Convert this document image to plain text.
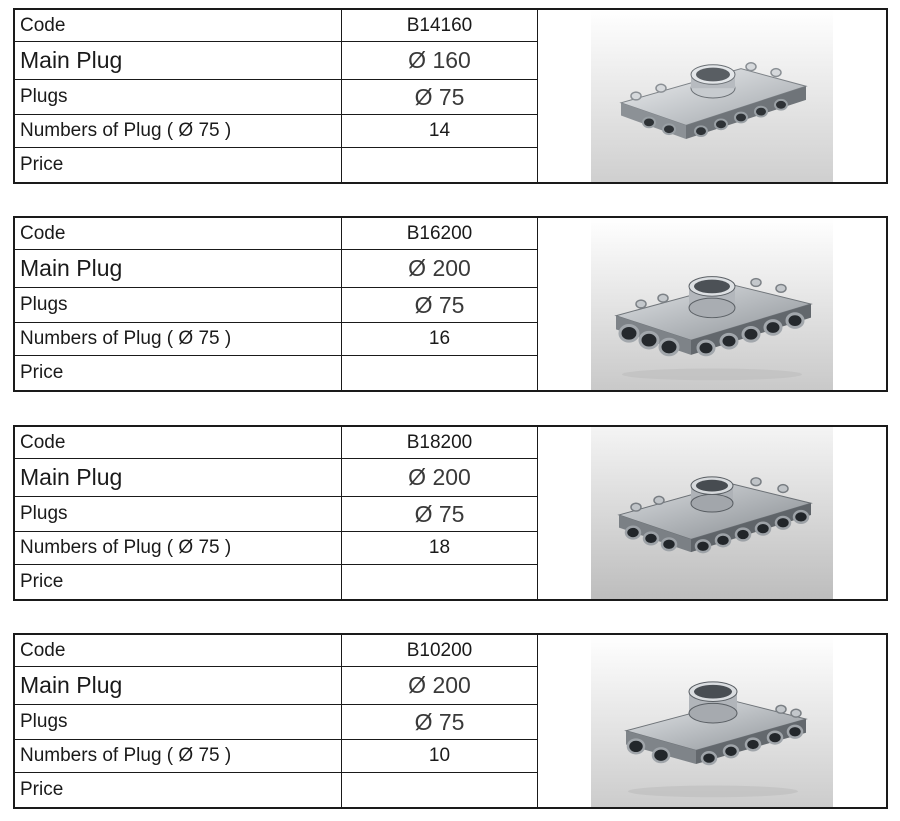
Code	B14160
Main Plug	Ø 160
Plugs	Ø 75
Numbers of Plug ( Ø 75 )	14
Price
Code	B16200
Main Plug	Ø 200
Plugs	Ø 75
Numbers of Plug ( Ø 75 )	16
Price
Code	B18200
Main Plug	Ø 200
Plugs	Ø 75
Numbers of Plug ( Ø 75 )	18
Price
Code	B10200
Main Plug	Ø 200
Plugs	Ø 75
Numbers of Plug ( Ø 75 )	10
Price
